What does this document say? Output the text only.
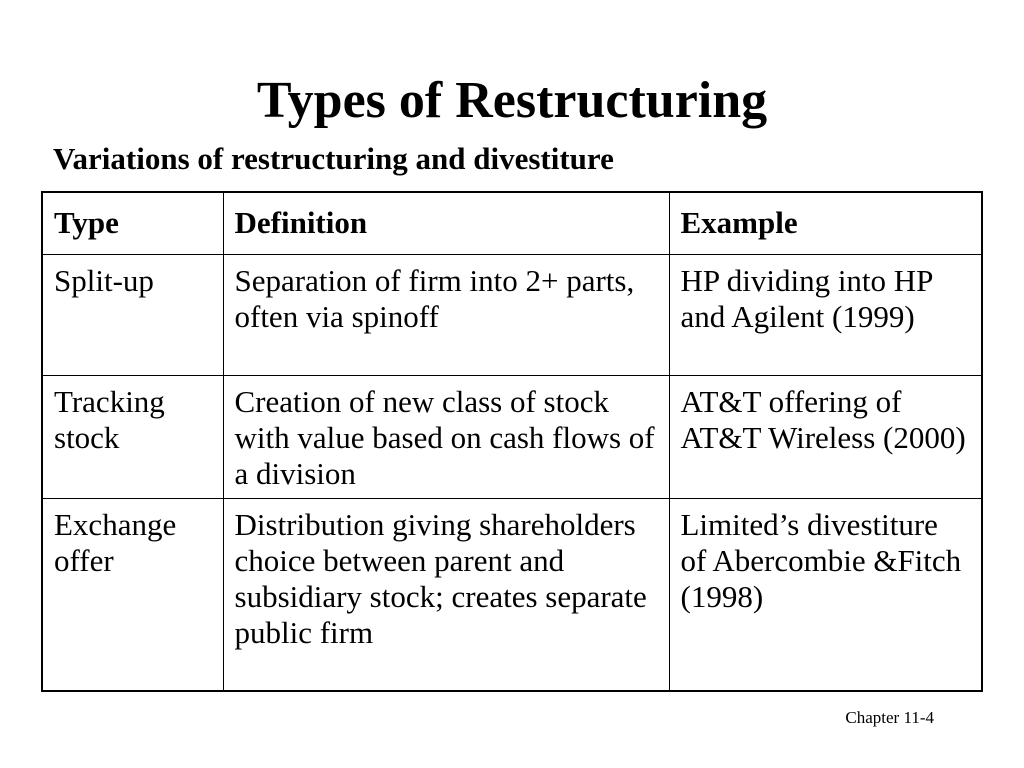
Types of Restructuring
Variations of restructuring and divestiture
Type	Definition	Example
Split-up	Separation of firm into 2+ parts, often via spinoff	HP dividing into HP and Agilent (1999)
Tracking stock	Creation of new class of stock with value based on cash flows of a division	AT&T offering of AT&T Wireless (2000)
Exchange offer	Distribution giving shareholders choice between parent and subsidiary stock; creates separate public firm	Limited’s divestiture of Abercombie &Fitch (1998)
Chapter 11-4
